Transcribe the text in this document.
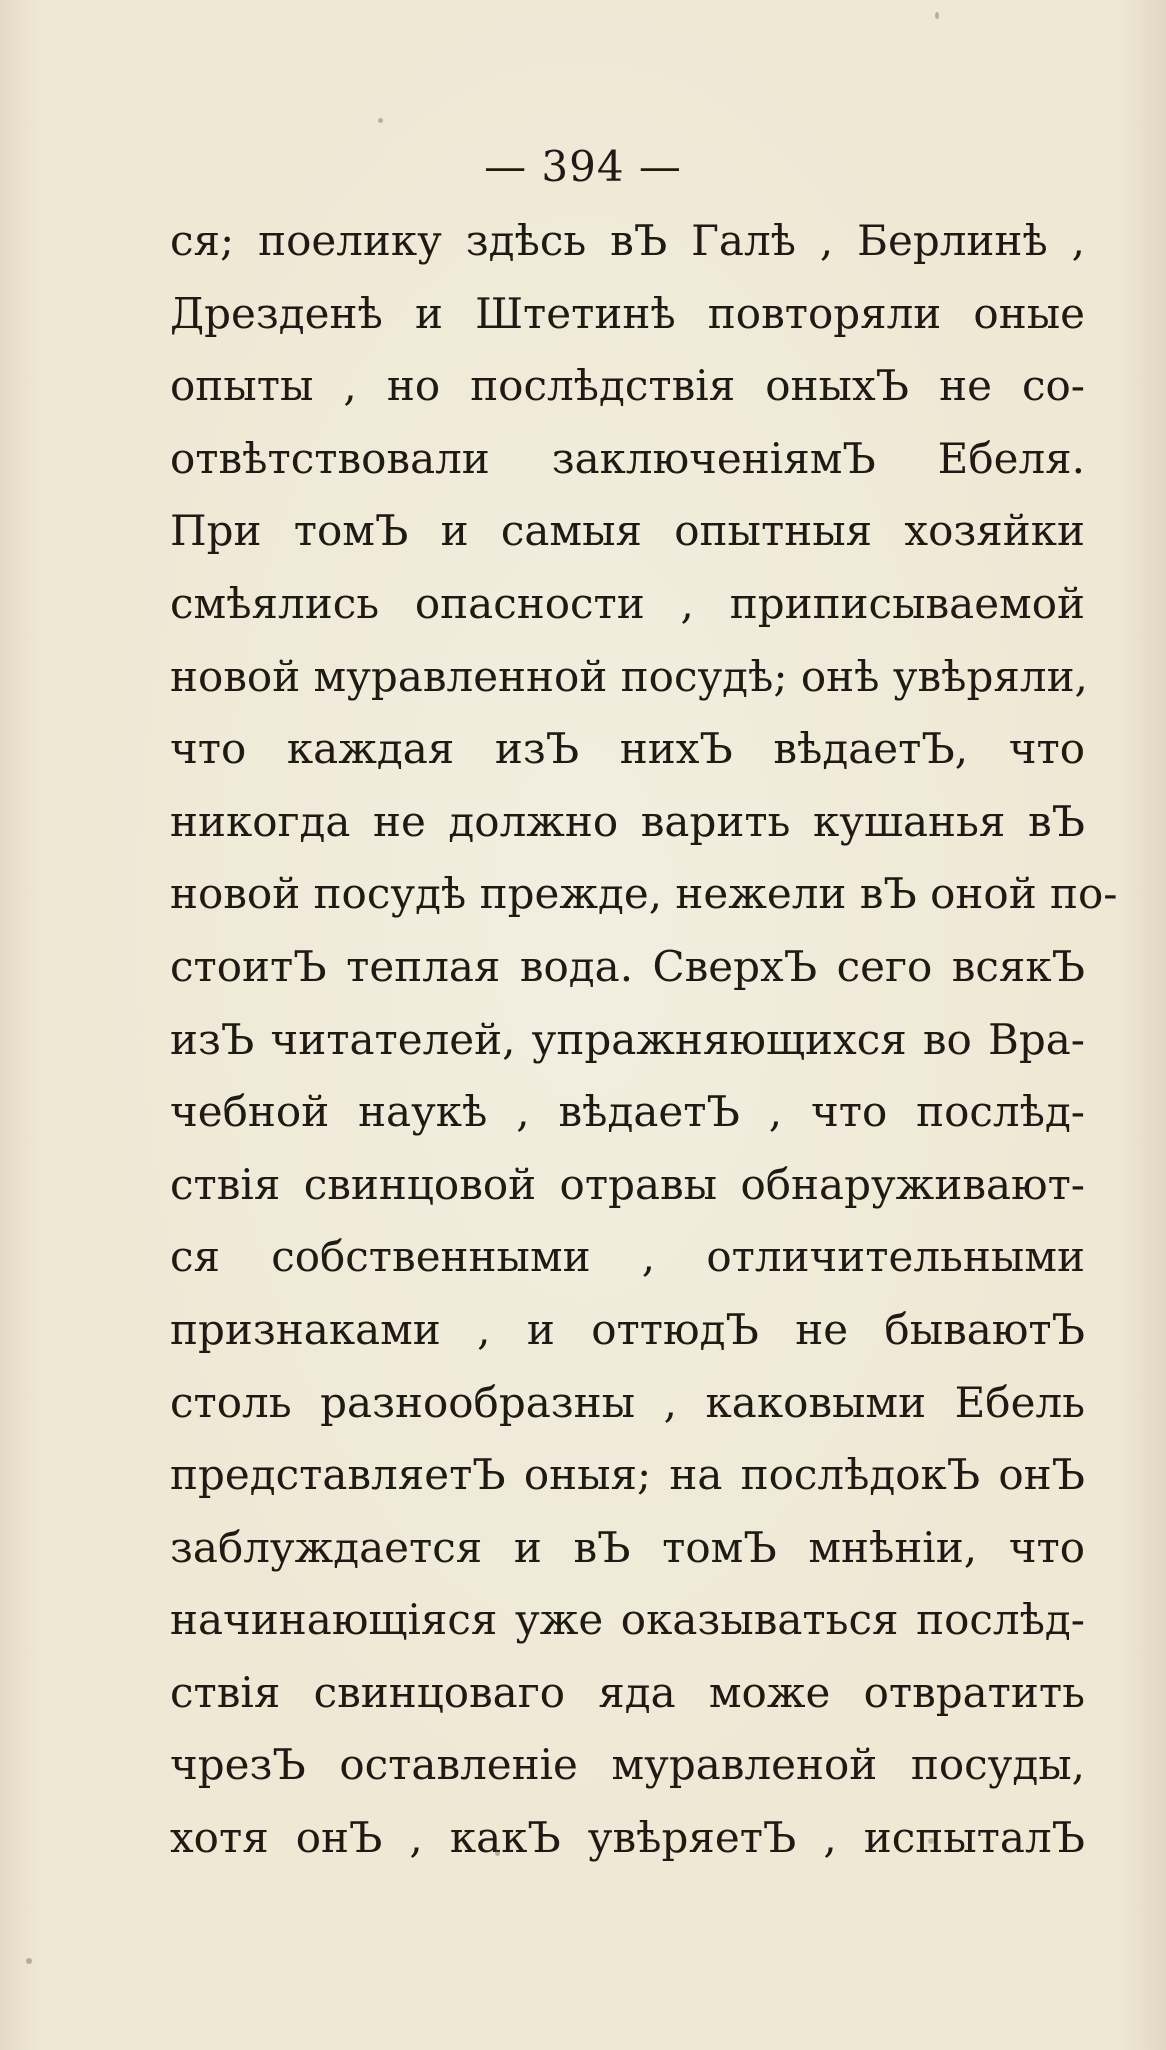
— 394 —
ся; поелику здѣсь вЪ Галѣ , Берлинѣ ,
Дрезденѣ и Штетинѣ повторяли оные
опыты , но послѣдствія оныхЪ не со-
отвѣтствовали заключеніямЪ Ебеля.
При томЪ и самыя опытныя хозяйки
смѣялись опасности , приписываемой
новой муравленной посудѣ; онѣ увѣряли,
что каждая изЪ нихЪ вѣдаетЪ, что
никогда не должно варить кушанья вЪ
новой посудѣ прежде, нежели вЪ оной по-
стоитЪ теплая вода. СверхЪ сего всякЪ
изЪ читателей, упражняющихся во Вра-
чебной наукѣ , вѣдаетЪ , что послѣд-
ствія свинцовой отравы обнаруживают-
ся собственными , отличительными
признаками , и оттюдЪ не бываютЪ
столь разнообразны , каковыми Ебель
представляетЪ оныя; на послѣдокЪ онЪ
заблуждается и вЪ томЪ мнѣніи, что
начинающіяся уже оказываться послѣд-
ствія свинцоваго яда може отвратить
чрезЪ оставленіе муравленой посуды,
хотя онЪ , какЪ увѣряетЪ , испыталЪ
